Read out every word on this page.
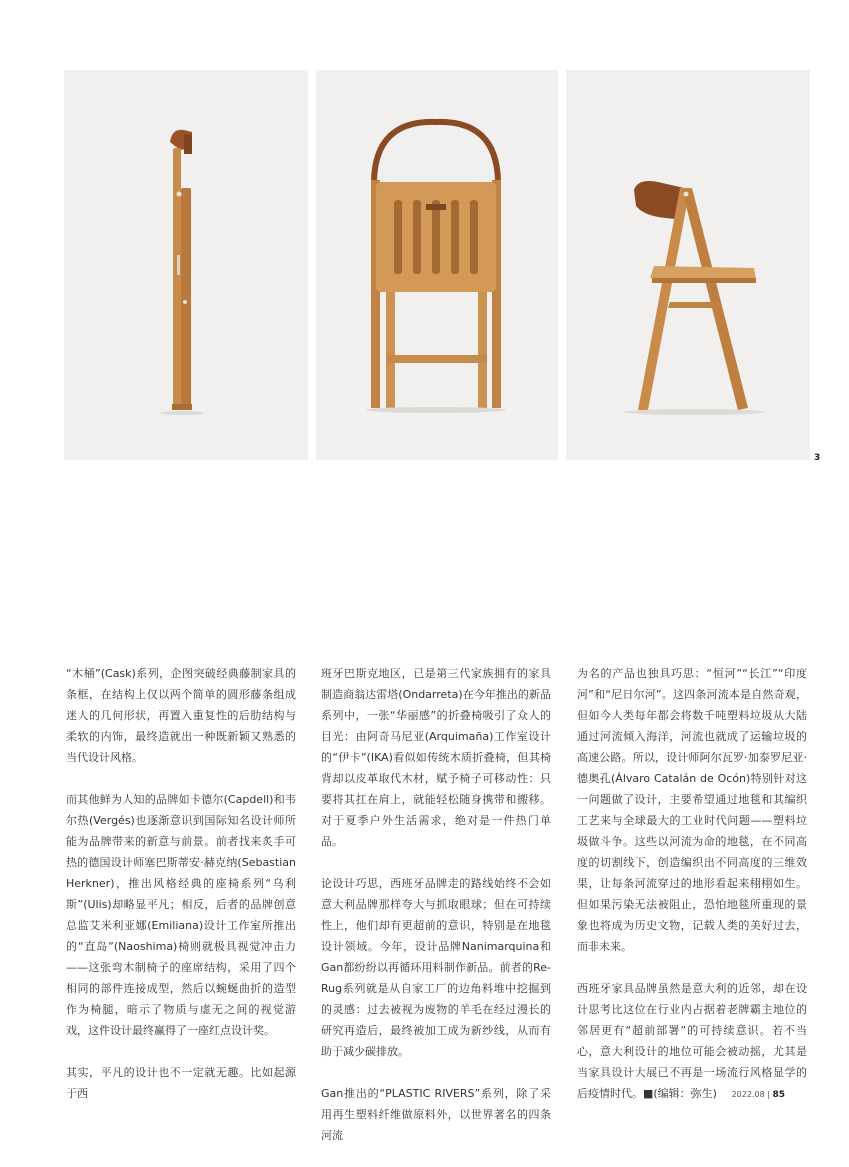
3

“木桶”(Cask)系列，企图突破经典藤制家具的条框，在结构上仅以两个简单的圆形藤条组成迷人的几何形状，再置入重复性的后肋结构与柔软的内饰，最终造就出一种既新颖又熟悉的当代设计风格。

而其他鲜为人知的品牌如卡德尔(Capdell)和韦尔热(Vergés)也逐渐意识到国际知名设计师所能为品牌带来的新意与前景。前者找来炙手可热的德国设计师塞巴斯蒂安·赫克纳(Sebastian Herkner)，推出风格经典的座椅系列“乌利斯”(Ulis)却略显平凡；相反，后者的品牌创意总监艾米利亚娜(Emiliana)设计工作室所推出的“直岛”(Naoshima)椅则就极具视觉冲击力——这张弯木制椅子的座席结构，采用了四个相同的部件连接成型，然后以蜿蜒曲折的造型作为椅腿，暗示了物质与虚无之间的视觉游戏，这件设计最终赢得了一座红点设计奖。

其实，平凡的设计也不一定就无趣。比如起源于西

班牙巴斯克地区，已是第三代家族拥有的家具制造商翁达雷塔(Ondarreta)在今年推出的新品系列中，一张“华丽感”的折叠椅吸引了众人的目光：由阿奇马尼亚(Arquimaña)工作室设计的“伊卡”(IKA)看似如传统木质折叠椅，但其椅背却以皮革取代木材，赋予椅子可移动性：只要将其扛在肩上，就能轻松随身携带和搬移。对于夏季户外生活需求，绝对是一件热门单品。

论设计巧思，西班牙品牌走的路线始终不会如意大利品牌那样夸大与抓取眼球；但在可持续性上，他们却有更超前的意识，特别是在地毯设计领域。今年，设计品牌Nanimarquina和Gan都纷纷以再循环用料制作新品。前者的Re-Rug系列就是从自家工厂的边角料堆中挖掘到的灵感：过去被视为废物的羊毛在经过漫长的研究再造后，最终被加工成为新纱线，从而有助于减少碳排放。

Gan推出的“PLASTIC RIVERS”系列，除了采用再生塑料纤维做原料外，以世界著名的四条河流

为名的产品也独具巧思：“恒河”“长江”“印度河”和“尼日尔河”。这四条河流本是自然奇观，但如今人类每年都会将数千吨塑料垃圾从大陆通过河流倾入海洋，河流也就成了运输垃圾的高速公路。所以，设计师阿尔瓦罗·加泰罗尼亚·德奥孔(Álvaro Catalán de Ocón)特别针对这一问题做了设计，主要希望通过地毯和其编织工艺来与全球最大的工业时代问题——塑料垃圾做斗争。这些以河流为命的地毯，在不同高度的切割线下，创造编织出不同高度的三维效果，让每条河流穿过的地形看起来栩栩如生。但如果污染无法被阻止，恐怕地毯所重现的景象也将成为历史文物，记载人类的美好过去，而非未来。

西班牙家具品牌虽然是意大利的近邻，却在设计思考比这位在行业内占据着老牌霸主地位的邻居更有“超前部署”的可持续意识。若不当心，意大利设计的地位可能会被动摇，尤其是当家具设计大展已不再是一场流行风格显学的后疫情时代。■(编辑：弥生)	2022.08 | 85
